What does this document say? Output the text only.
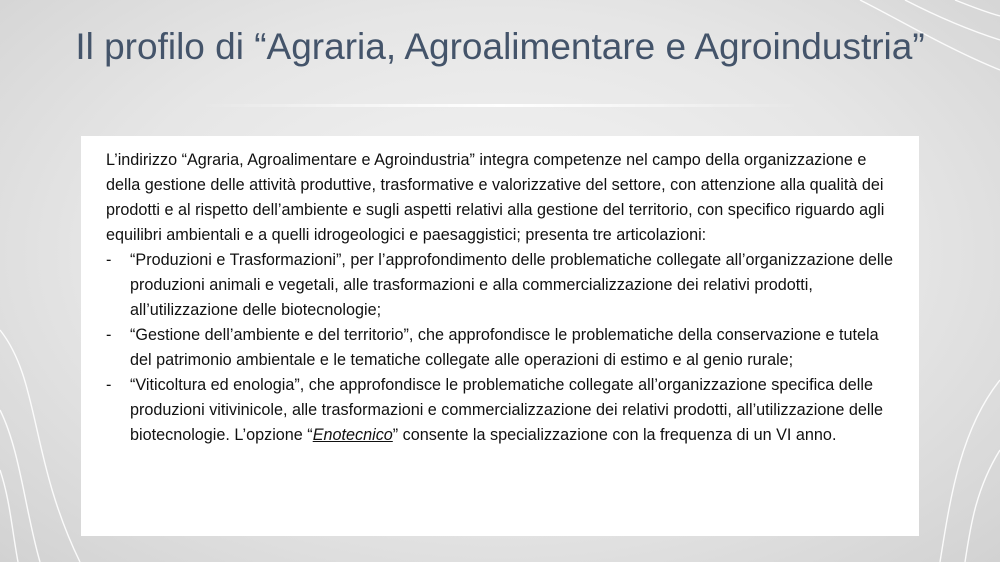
Il profilo di “Agraria, Agroalimentare e Agroindustria”

L’indirizzo “Agraria, Agroalimentare e Agroindustria” integra competenze nel campo della organizzazione e della gestione delle attività produttive, trasformative e valorizzative del settore, con attenzione alla qualità dei prodotti e al rispetto dell’ambiente e sugli aspetti relativi alla gestione del territorio, con specifico riguardo agli equilibri ambientali e a quelli idrogeologici e paesaggistici; presenta tre articolazioni:

- “Produzioni e Trasformazioni”, per l’approfondimento delle problematiche collegate all’organizzazione delle produzioni animali e vegetali, alle trasformazioni e alla commercializzazione dei relativi prodotti, all’utilizzazione delle biotecnologie;
- “Gestione dell’ambiente e del territorio”, che approfondisce le problematiche della conservazione e tutela del patrimonio ambientale e le tematiche collegate alle operazioni di estimo e al genio rurale;
- “Viticoltura ed enologia”, che approfondisce le problematiche collegate all’organizzazione specifica delle produzioni vitivinicole, alle trasformazioni e commercializzazione dei relativi prodotti, all’utilizzazione delle biotecnologie. L’opzione “Enotecnico” consente la specializzazione con la frequenza di un VI anno.
